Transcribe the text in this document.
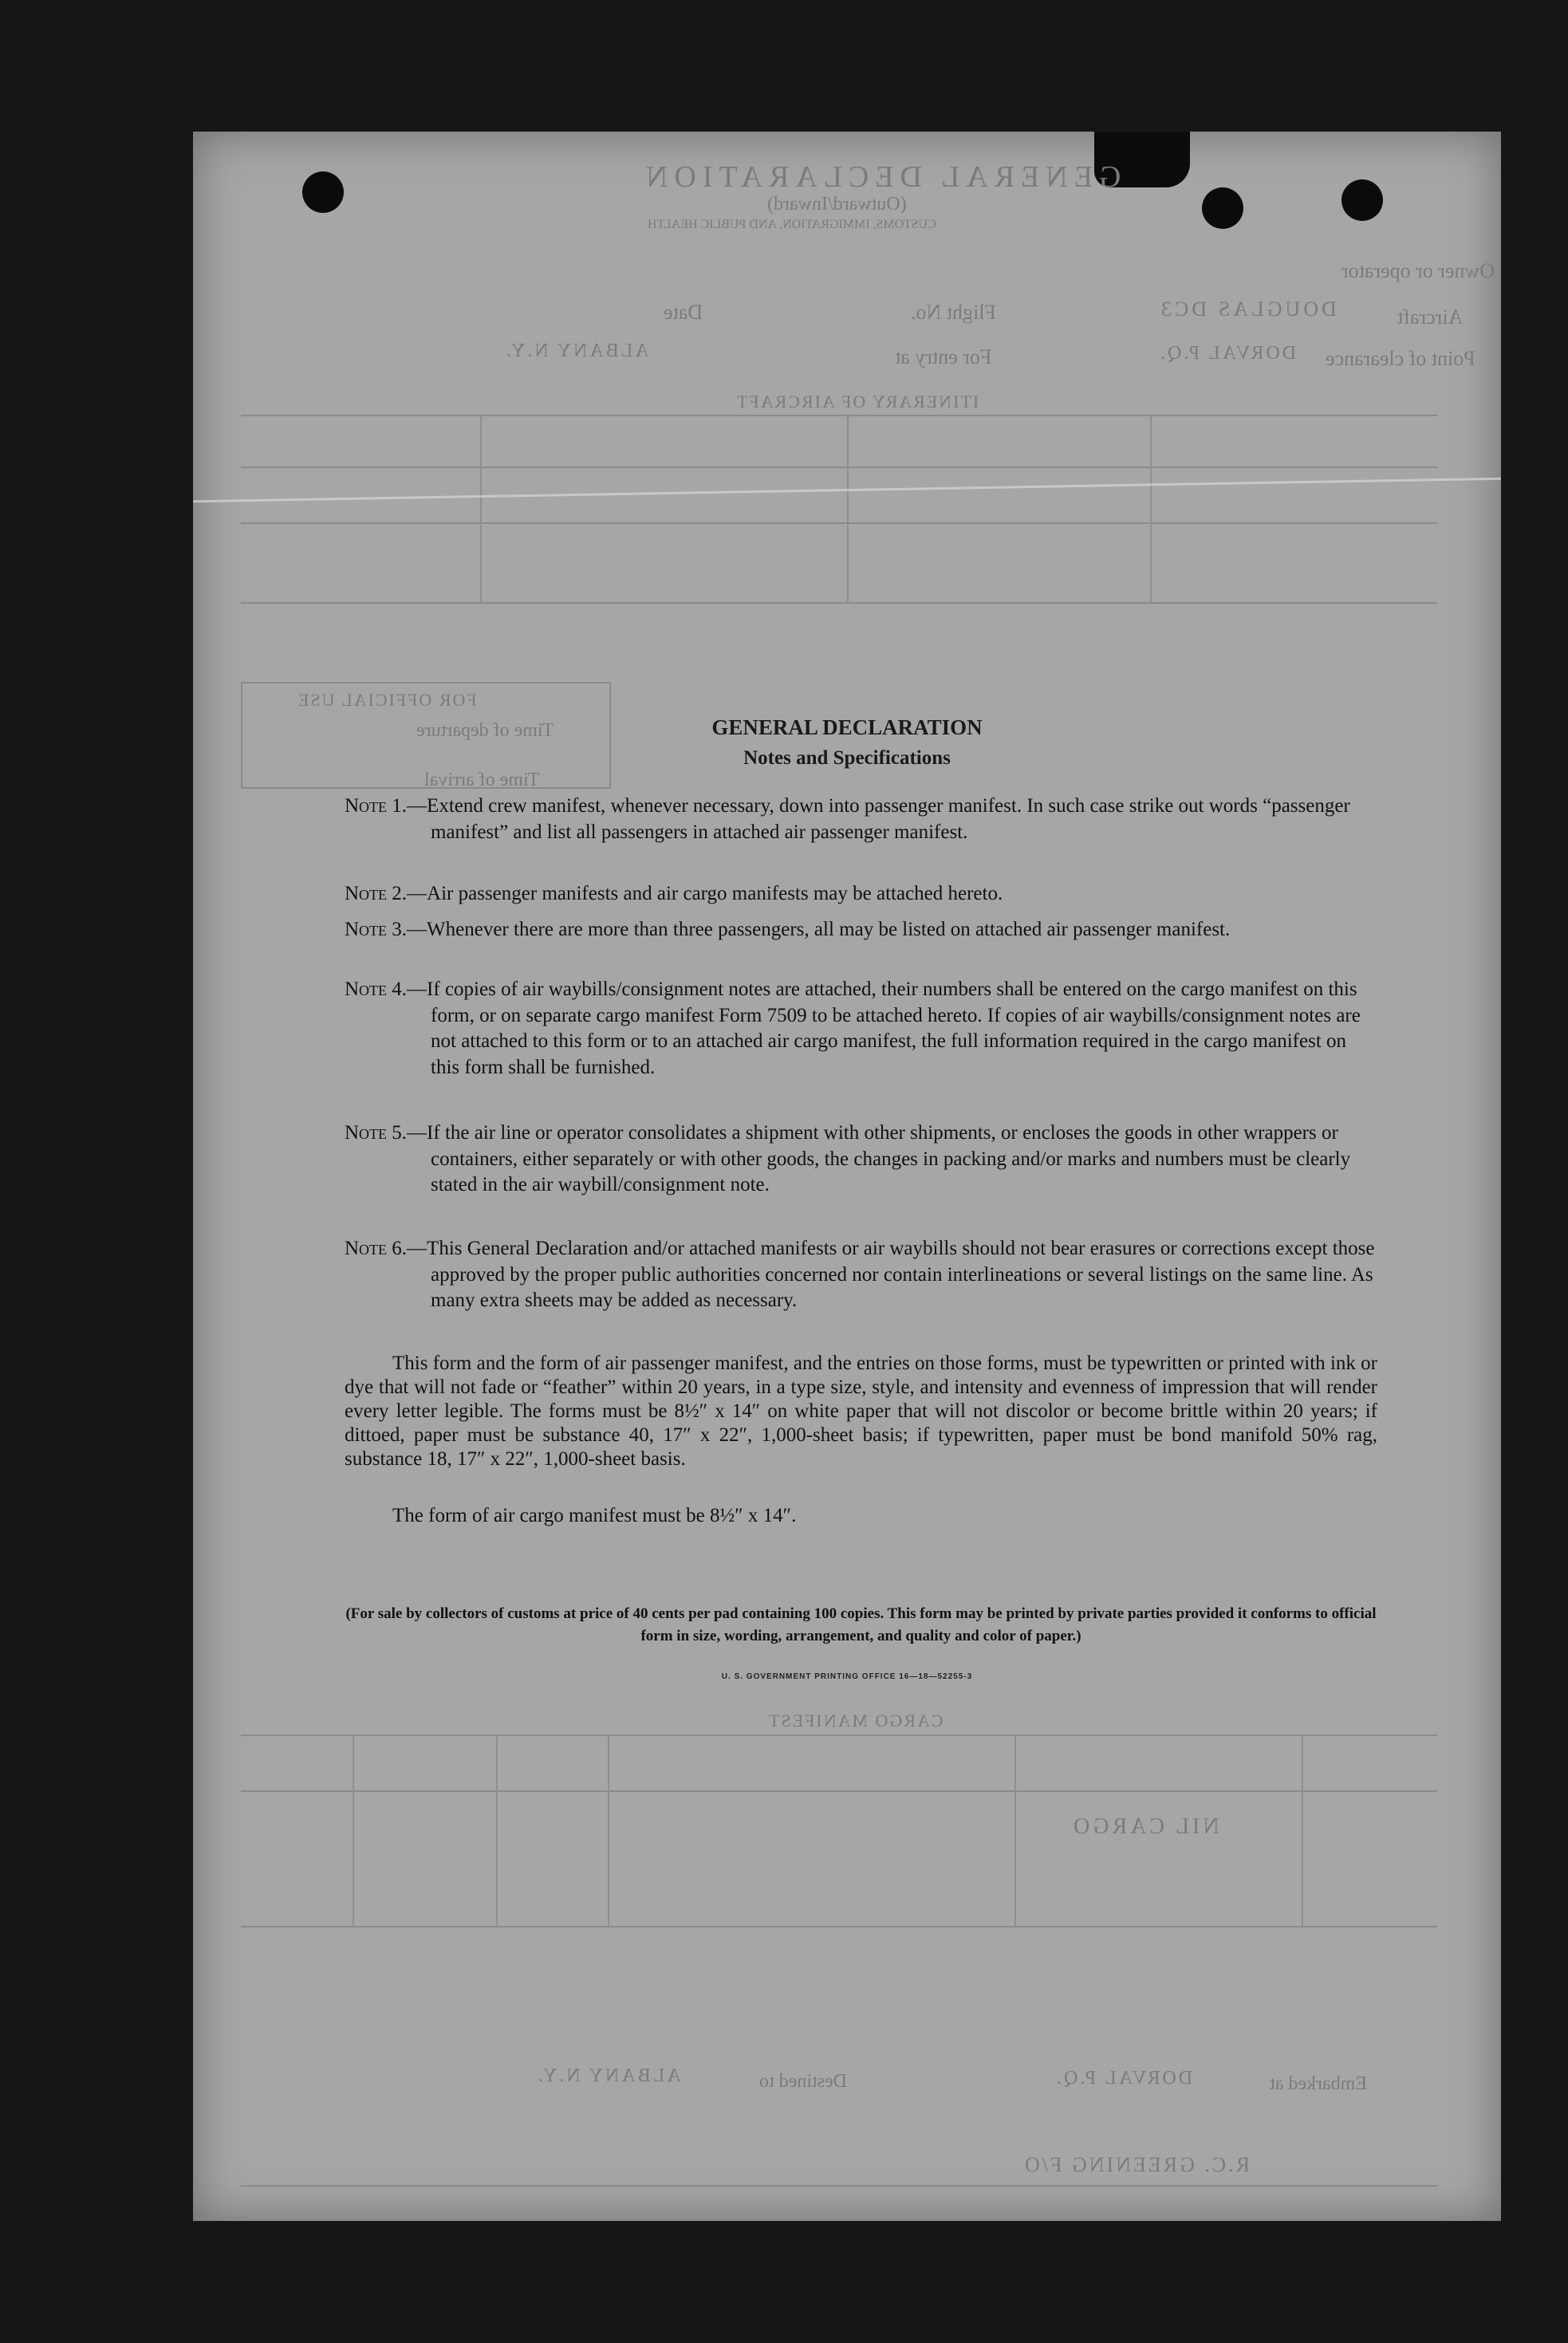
GENERAL DECLARATION
(Outward/Inward)
CUSTOMS, IMMIGRATION, AND PUBLIC HEALTH
Owner or operator
Aircraft
DOUGLAS DC3
Flight No.
Date
Point of clearance
DORVAL P.Q.
For entry at
ALBANY N.Y.
ITINERARY OF AIRCRAFT
FOR OFFICIAL USE
Time of departure
Time of arrival
CARGO MANIFEST
NIL CARGO
Embarked at
DORVAL P.Q.
Destined to
ALBANY N.Y.
R.C. GREENING F/O
GENERAL DECLARATION
Notes and Specifications
Note 1.—Extend crew manifest, whenever necessary, down into passenger manifest. In such case strike out words “passenger manifest” and list all passengers in attached air passenger manifest.
Note 2.—Air passenger manifests and air cargo manifests may be attached hereto.
Note 3.—Whenever there are more than three passengers, all may be listed on attached air passenger manifest.
Note 4.—If copies of air waybills/consignment notes are attached, their numbers shall be entered on the cargo manifest on this form, or on separate cargo manifest Form 7509 to be attached hereto. If copies of air waybills/consignment notes are not attached to this form or to an attached air cargo manifest, the full information required in the cargo manifest on this form shall be furnished.
Note 5.—If the air line or operator consolidates a shipment with other shipments, or encloses the goods in other wrappers or containers, either separately or with other goods, the changes in packing and/or marks and numbers must be clearly stated in the air waybill/consignment note.
Note 6.—This General Declaration and/or attached manifests or air waybills should not bear erasures or corrections except those approved by the proper public authorities concerned nor contain interlineations or several listings on the same line. As many extra sheets may be added as necessary.
This form and the form of air passenger manifest, and the entries on those forms, must be typewritten or printed with ink or dye that will not fade or “feather” within 20 years, in a type size, style, and intensity and evenness of impression that will render every letter legible. The forms must be 8½″ x 14″ on white paper that will not discolor or become brittle within 20 years; if dittoed, paper must be substance 40, 17″ x 22″, 1,000-sheet basis; if typewritten, paper must be bond manifold 50% rag, substance 18, 17″ x 22″, 1,000-sheet basis.
The form of air cargo manifest must be 8½″ x 14″.
(For sale by collectors of customs at price of 40 cents per pad containing 100 copies. This form may be printed by private parties provided it conforms to official form in size, wording, arrangement, and quality and color of paper.)
U. S. GOVERNMENT PRINTING OFFICE 16—18—52255-3
